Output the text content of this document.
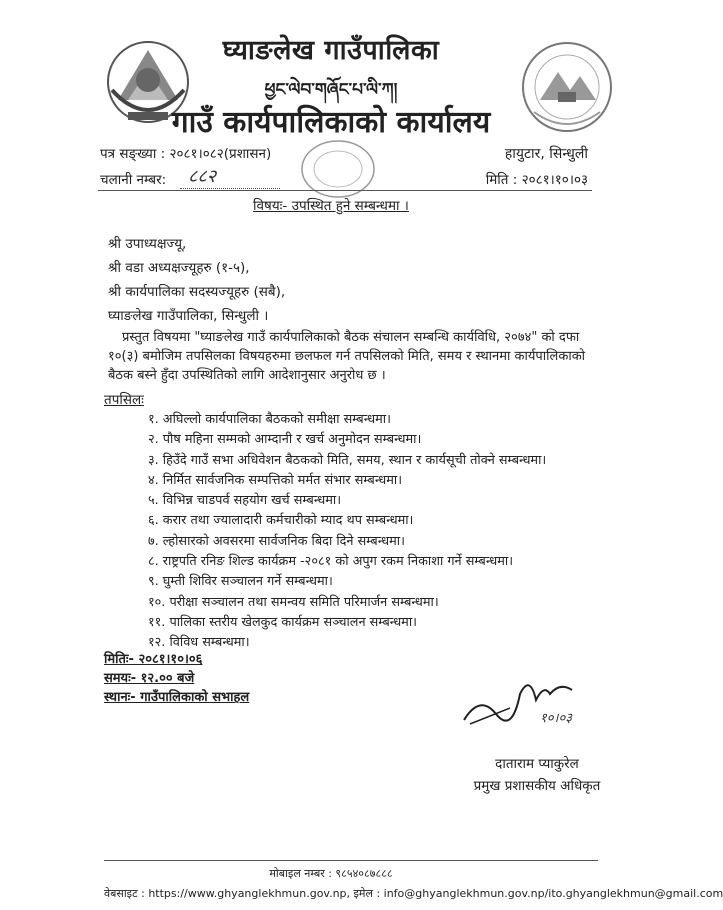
घ्याङलेख गाउँपालिका
ཕྱང་ལེབ་གཞོང་པ་ལི་ཀ།
गाउँ कार्यपालिकाको कार्यालय
पत्र सङ्ख्या : २०८१।०८२(प्रशासन)
चलानी नम्बर: ८८२
हायुटार, सिन्धुली
मिति : २०८१।१०।०३
विषयः- उपस्थित हुने सम्बन्धमा ।
श्री उपाध्यक्षज्यू,
श्री वडा अध्यक्षज्यूहरु (१-५),
श्री कार्यपालिका सदस्यज्यूहरु (सबै),
घ्याङलेख गाउँपालिका, सिन्धुली ।
प्रस्तुत विषयमा "घ्याङलेख गाउँ कार्यपालिकाको बैठक संचालन सम्बन्धि कार्यविधि, २०७४" को दफा
१०(३) बमोजिम तपसिलका विषयहरुमा छलफल गर्न तपसिलको मिति, समय र स्थानमा कार्यपालिकाको
बैठक बस्ने हुँदा उपस्थितिको लागि आदेशानुसार अनुरोध छ ।
तपसिलः
१. अघिल्लो कार्यपालिका बैठकको समीक्षा सम्बन्धमा।
२. पौष महिना सम्मको आम्दानी र खर्च अनुमोदन सम्बन्धमा।
३. हिउँदे गाउँ सभा अधिवेशन बैठकको मिति, समय, स्थान र कार्यसूची तोक्ने सम्बन्धमा।
४. निर्मित सार्वजनिक सम्पत्तिको मर्मत संभार सम्बन्धमा।
५. विभिन्न चाडपर्व सहयोग खर्च सम्बन्धमा।
६. करार तथा ज्यालादारी कर्मचारीको म्याद थप सम्बन्धमा।
७. ल्होसारको अवसरमा सार्वजनिक बिदा दिने सम्बन्धमा।
८. राष्ट्रपति रनिङ शिल्ड कार्यक्रम -२०८१ को अपुग रकम निकाशा गर्ने सम्बन्धमा।
९. घुम्ती शिविर सञ्चालन गर्ने सम्बन्धमा।
१०. परीक्षा सञ्चालन तथा समन्वय समिति परिमार्जन सम्बन्धमा।
११. पालिका स्तरीय खेलकुद कार्यक्रम सञ्चालन सम्बन्धमा।
१२. विविध सम्बन्धमा।
मितिः- २०८१।१०।०६
समयः- १२.०० बजे
स्थानः- गाउँपालिकाको सभाहल
१०।०३
दाताराम प्याकुरेल
प्रमुख प्रशासकीय अधिकृत
मोबाइल नम्बर : ९८५४०८७८८८
वेबसाइट : https://www.ghyanglekhmun.gov.np, इमेल : info@ghyanglekhmun.gov.np/ito.ghyanglekhmun@gmail.com
